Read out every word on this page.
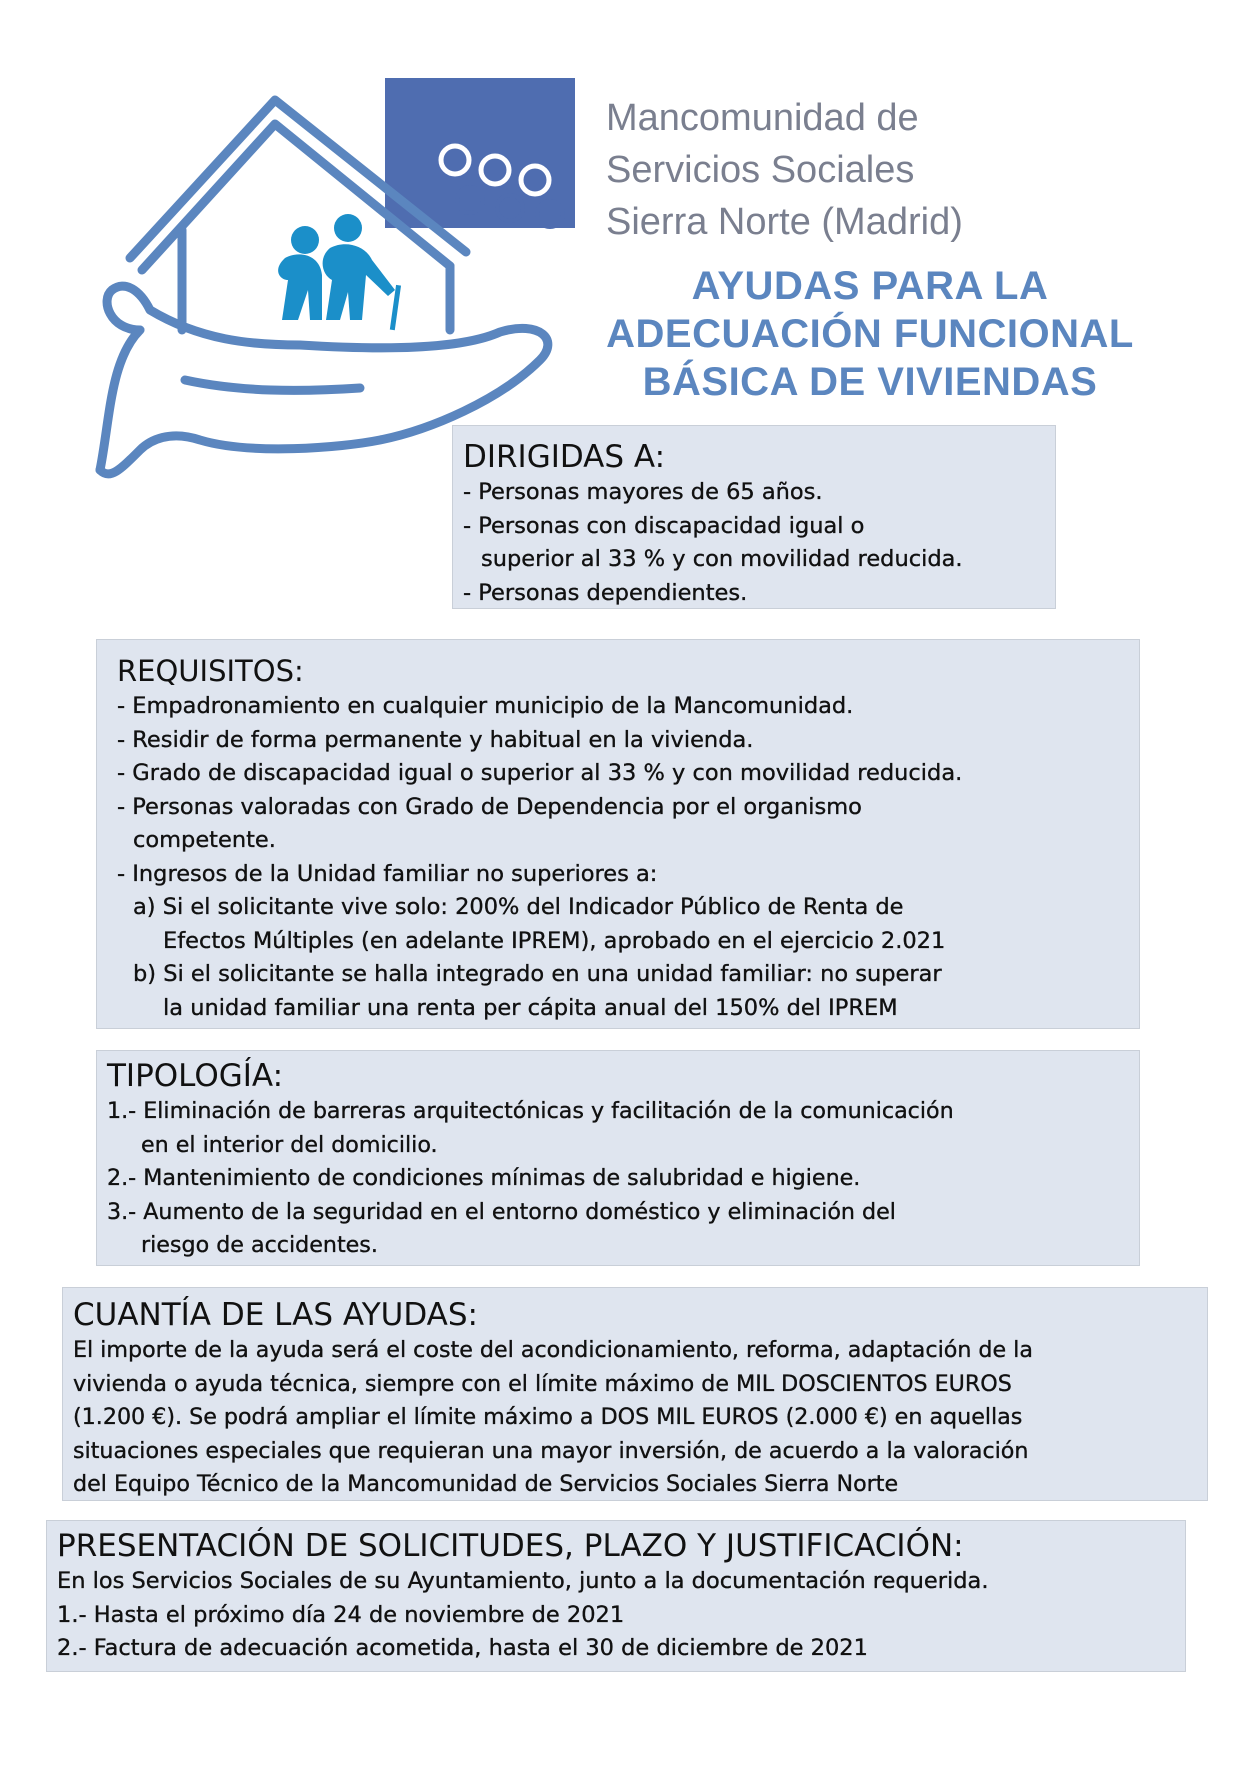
Mancomunidad de
Servicios Sociales
Sierra Norte (Madrid)
AYUDAS PARA LA
ADECUACIÓN FUNCIONAL
BÁSICA DE VIVIENDAS
DIRIGIDAS A:
- Personas mayores de 65 años.
- Personas con discapacidad igual o
superior al 33 % y con movilidad reducida.
- Personas dependientes.
REQUISITOS:
- Empadronamiento en cualquier municipio de la Mancomunidad.
- Residir de forma permanente y habitual en la vivienda.
- Grado de discapacidad igual o superior al 33 % y con movilidad reducida.
- Personas valoradas con Grado de Dependencia por el organismo
competente.
- Ingresos de la Unidad familiar no superiores a:
a) Si el solicitante vive solo: 200% del Indicador Público de Renta de
Efectos Múltiples (en adelante IPREM), aprobado en el ejercicio 2.021
b) Si el solicitante se halla integrado en una unidad familiar: no superar
la unidad familiar una renta per cápita anual del 150% del IPREM
TIPOLOGÍA:
1.- Eliminación de barreras arquitectónicas y facilitación de la comunicación
en el interior del domicilio.
2.- Mantenimiento de condiciones mínimas de salubridad e higiene.
3.- Aumento de la seguridad en el entorno doméstico y eliminación del
riesgo de accidentes.
CUANTÍA DE LAS AYUDAS:
El importe de la ayuda será el coste del acondicionamiento, reforma, adaptación de la
vivienda o ayuda técnica, siempre con el límite máximo de MIL DOSCIENTOS EUROS
(1.200 €). Se podrá ampliar el límite máximo a DOS MIL EUROS (2.000 €) en aquellas
situaciones especiales que requieran una mayor inversión, de acuerdo a la valoración
del Equipo Técnico de la Mancomunidad de Servicios Sociales Sierra Norte
PRESENTACIÓN DE SOLICITUDES, PLAZO Y JUSTIFICACIÓN:
En los Servicios Sociales de su Ayuntamiento, junto a la documentación requerida.
1.- Hasta el próximo día 24 de noviembre de 2021
2.- Factura de adecuación acometida, hasta el 30 de diciembre de 2021
